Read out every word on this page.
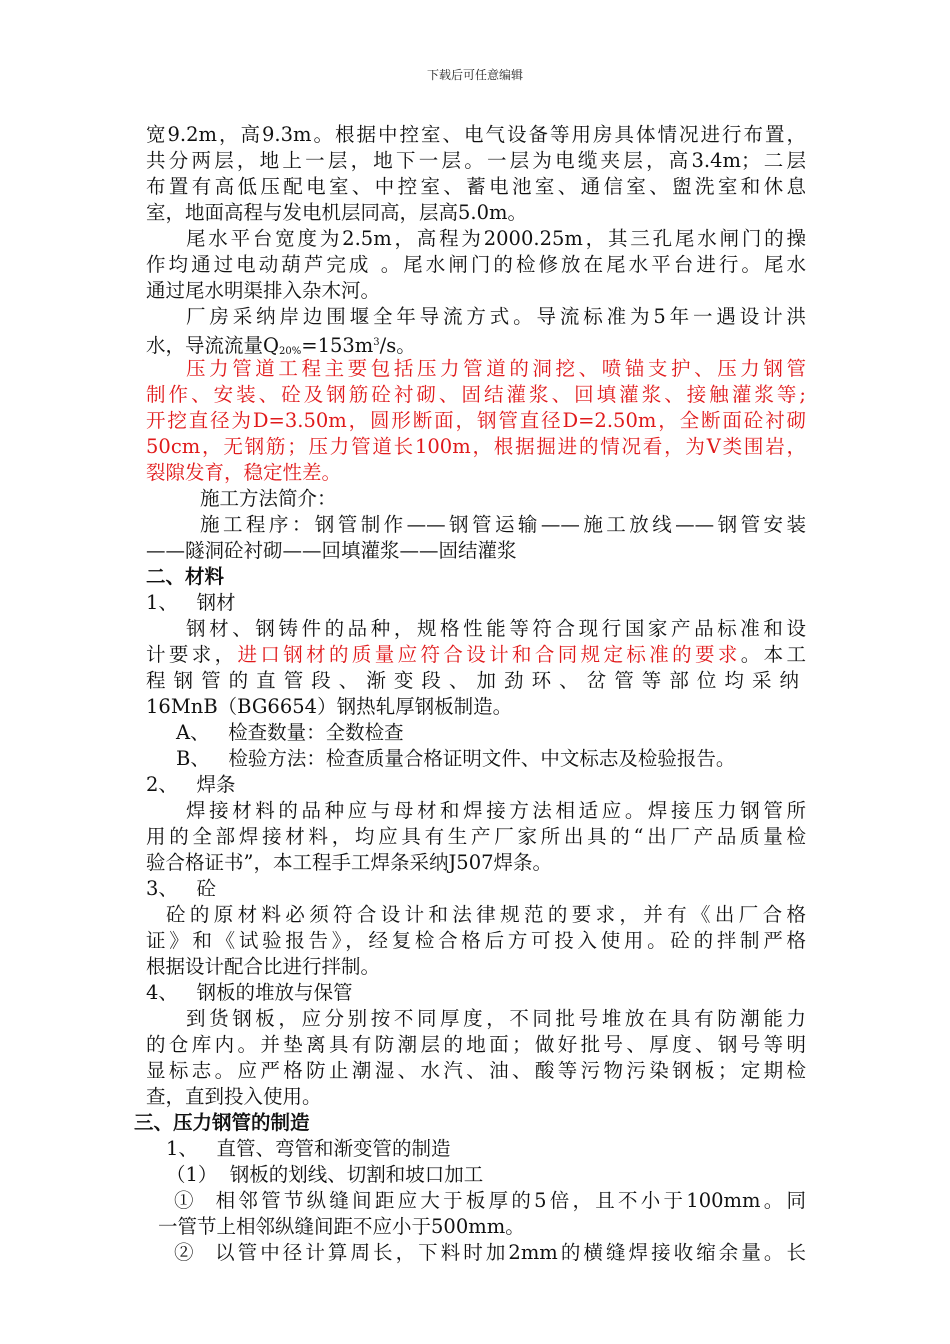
下载后可任意编辑
宽9.2m，高9.3m。根据中控室、电气设备等用房具体情况进行布置，
共分两层，地上一层，地下一层。一层为电缆夹层，高3.4m；二层
布置有高低压配电室、中控室、蓄电池室、通信室、盥洗室和休息
室，地面高程与发电机层同高，层高5.0m。
尾水平台宽度为2.5m，高程为2000.25m，其三孔尾水闸门的操
作均通过电动葫芦完成 。尾水闸门的检修放在尾水平台进行。尾水
通过尾水明渠排入杂木河。
厂房采纳岸边围堰全年导流方式。导流标准为5年一遇设计洪
水，导流流量$Q_{20\%}=153m^3/s$。
压力管道工程主要包括压力管道的洞挖、喷锚支护、压力钢管
制作、安装、砼及钢筋砼衬砌、固结灌浆、回填灌浆、接触灌浆等;
开挖直径为D=3.50m，圆形断面，钢管直径D=2.50m，全断面砼衬砌
50cm，无钢筋；压力管道长100m，根据掘进的情况看，为Ⅴ类围岩，
裂隙发育，稳定性差。
施工方法简介：
施工程序：钢管制作——钢管运输——施工放线——钢管安装
——隧洞砼衬砌——回填灌浆——固结灌浆
二、材料
1、   钢材
钢材、钢铸件的品种，规格性能等符合现行国家产品标准和设
计要求，进口钢材的质量应符合设计和合同规定标准的要求。本工
程钢管的直管段、渐变段、加劲环、岔管等部位均采纳
16MnB（BG6654）钢热轧厚钢板制造。
A、   检查数量：全数检查
B、   检验方法：检查质量合格证明文件、中文标志及检验报告。
2、   焊条
焊接材料的品种应与母材和焊接方法相适应。焊接压力钢管所
用的全部焊接材料，均应具有生产厂家所出具的“出厂产品质量检
验合格证书”，本工程手工焊条采纳J507焊条。
3、   砼
砼的原材料必须符合设计和法律规范的要求，并有《出厂合格
证》和《试验报告》，经复检合格后方可投入使用。砼的拌制严格
根据设计配合比进行拌制。
4、   钢板的堆放与保管
到货钢板，应分别按不同厚度，不同批号堆放在具有防潮能力
的仓库内。并垫离具有防潮层的地面；做好批号、厚度、钢号等明
显标志。应严格防止潮湿、水汽、油、酸等污物污染钢板；定期检
查，直到投入使用。
三、压力钢管的制造
1、   直管、弯管和渐变管的制造
（1）  钢板的划线、切割和坡口加工
①  相邻管节纵缝间距应大于板厚的5倍，且不小于100mm。同
一管节上相邻纵缝间距不应小于500mm。
②  以管中径计算周长，下料时加2mm的横缝焊接收缩余量。长
